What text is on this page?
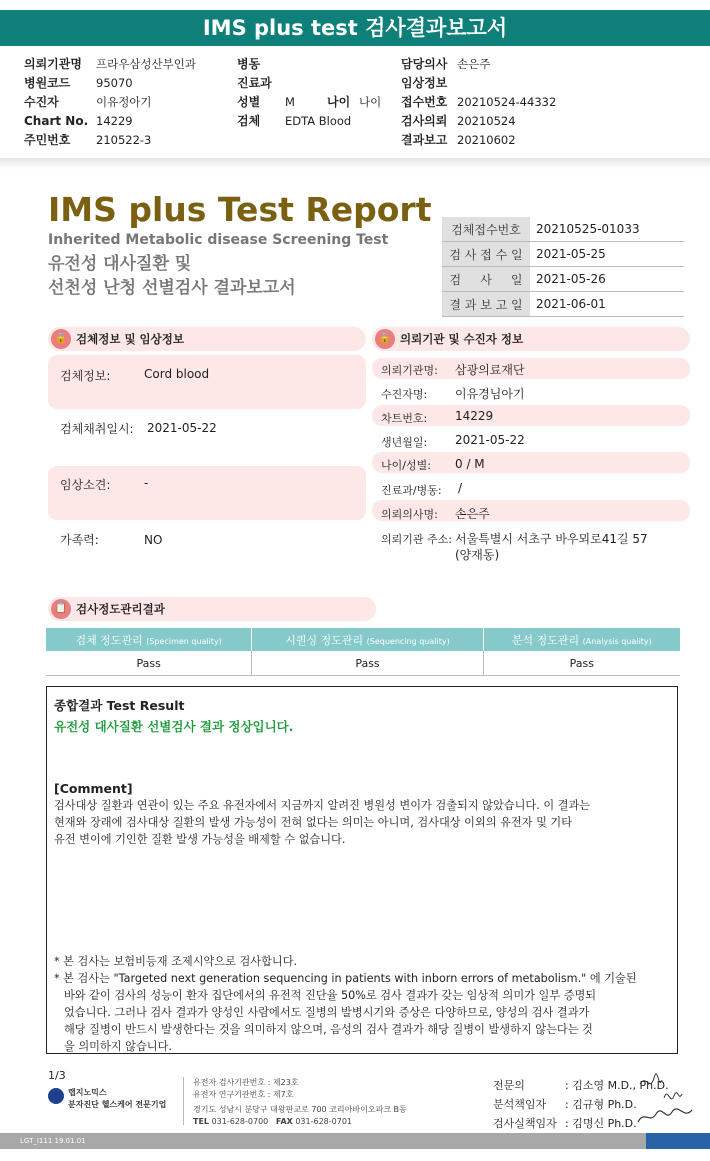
IMS plus test 검사결과보고서
의뢰기관명 프라우삼성산부인과
병원코드 95070
수진자	이유정아기
Chart No. 14229
주민번호 210522-3
병동
진료과
성별 M	나이 나이
검체 EDTA Blood
담당의사 손은주
임상정보
접수번호 20210524-44332
검사의뢰 20210524
결과보고 20210602
IMS plus Test Report
Inherited Metabolic disease Screening Test
유전성 대사질환 및
선천성 난청 선별검사 결과보고서
검체접수번호	20210525-01033
검 사 접 수 일	2021-05-25
검     사     일	2021-05-26
결 과 보 고 일	2021-06-01
🔒 검체정보 및 임상정보
검체정보:	Cord blood
검체채취일시: 2021-05-22
임상소견:	-
가족력:	NO
🔒 의뢰기관 및 수진자 정보
의뢰기관명: 삼광의료재단
수진자명: 이유경님아기
차트번호: 14229
생년월일: 2021-05-22
나이/성별: 0 / M
진료과/병동: /
의뢰의사명: 손은주
의뢰기관 주소: 서울특별시 서초구 바우뫼로41길 57
(양재동)
📋 검사정도관리결과
검체 정도관리 (Specimen quality)	시퀀싱 정도관리 (Sequencing quality)	분석 정도관리 (Analysis quality)
Pass	Pass	Pass
종합결과 Test Result
유전성 대사질환 선별검사 결과 정상입니다.
[Comment]
검사대상 질환과 연관이 있는 주요 유전자에서 지금까지 알려진 병원성 변이가 검출되지 않았습니다. 이 결과는
현재와 장래에 검사대상 질환의 발생 가능성이 전혀 없다는 의미는 아니며, 검사대상 이외의 유전자 및 기타
유전 변이에 기인한 질환 발생 가능성을 배제할 수 없습니다.
* 본 검사는 보험비등재 조제시약으로 검사합니다.
* 본 검사는 "Targeted next generation sequencing in patients with inborn errors of metabolism." 에 기술된
바와 같이 검사의 성능이 환자 집단에서의 유전적 진단율 50%로 검사 결과가 갖는 임상적 의미가 일부 증명되
었습니다. 그러나 검사 결과가 양성인 사람에서도 질병의 발병시기와 증상은 다양하므로, 양성의 검사 결과가
해당 질병이 반드시 발생한다는 것을 의미하지 않으며, 음성의 검사 결과가 해당 질병이 발생하지 않는다는 것
을 의미하지 않습니다.
1/3
랩지노믹스
분자진단 헬스케어 전문기업
유전자 검사기관번호 : 제23호
유전자 연구기관번호 : 제7호
경기도 성남시 분당구 대왕판교로 700 코리아바이오파크 B동
TEL 031-628-0700 FAX 031-628-0701
전문의	: 김소영 M.D., Ph.D.
분석책임자 : 김규형 Ph.D.
검사실책임자 : 김명신 Ph.D.
LGT_I111 19.01.01
